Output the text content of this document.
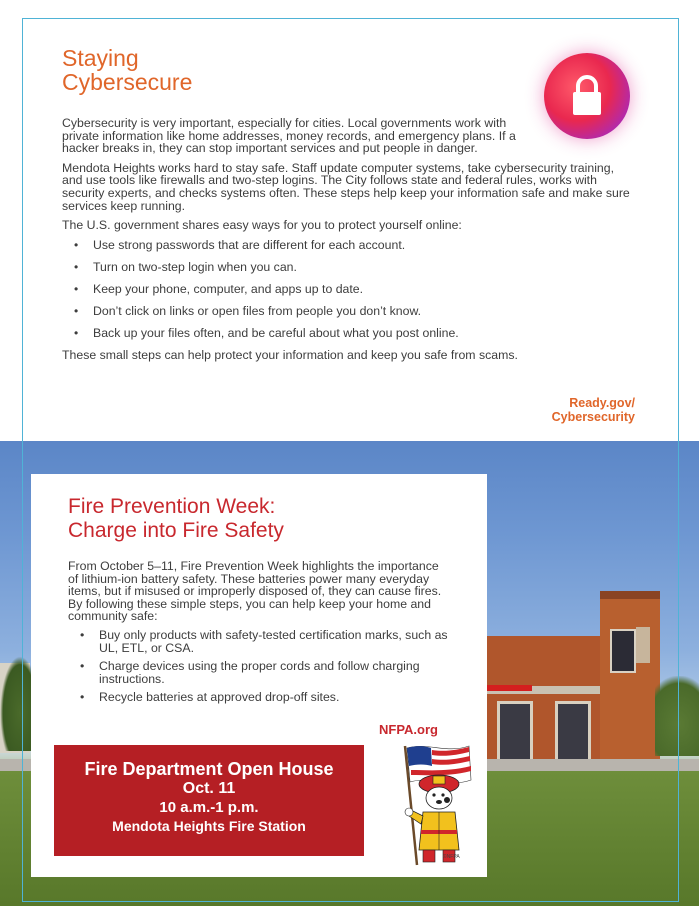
Staying
Cybersecure

Cybersecurity is very important, especially for cities. Local governments work with private information like home addresses, money records, and emergency plans. If a hacker breaks in, they can stop important services and put people in danger.

Mendota Heights works hard to stay safe. Staff update computer systems, take cybersecurity training, and use tools like firewalls and two-step logins. The City follows state and federal rules, works with security experts, and checks systems often. These steps help keep your information safe and make sure services keep running.

The U.S. government shares easy ways for you to protect yourself online:

• Use strong passwords that are different for each account.
• Turn on two-step login when you can.
• Keep your phone, computer, and apps up to date.
• Don’t click on links or open files from people you don’t know.
• Back up your files often, and be careful about what you post online.

These small steps can help protect your information and keep you safe from scams.

Ready.gov/
Cybersecurity
Fire Prevention Week:
Charge into Fire Safety

From October 5–11, Fire Prevention Week highlights the importance of lithium-ion battery safety. These batteries power many everyday items, but if misused or improperly disposed of, they can cause fires. By following these simple steps, you can help keep your home and community safe:

• Buy only products with safety-tested certification marks, such as UL, ETL, or CSA.
• Charge devices using the proper cords and follow charging instructions.
• Recycle batteries at approved drop-off sites.
NFPA.org
Fire Department Open House
Oct. 11
10 a.m.-1 p.m.
Mendota Heights Fire Station
©NFPA
